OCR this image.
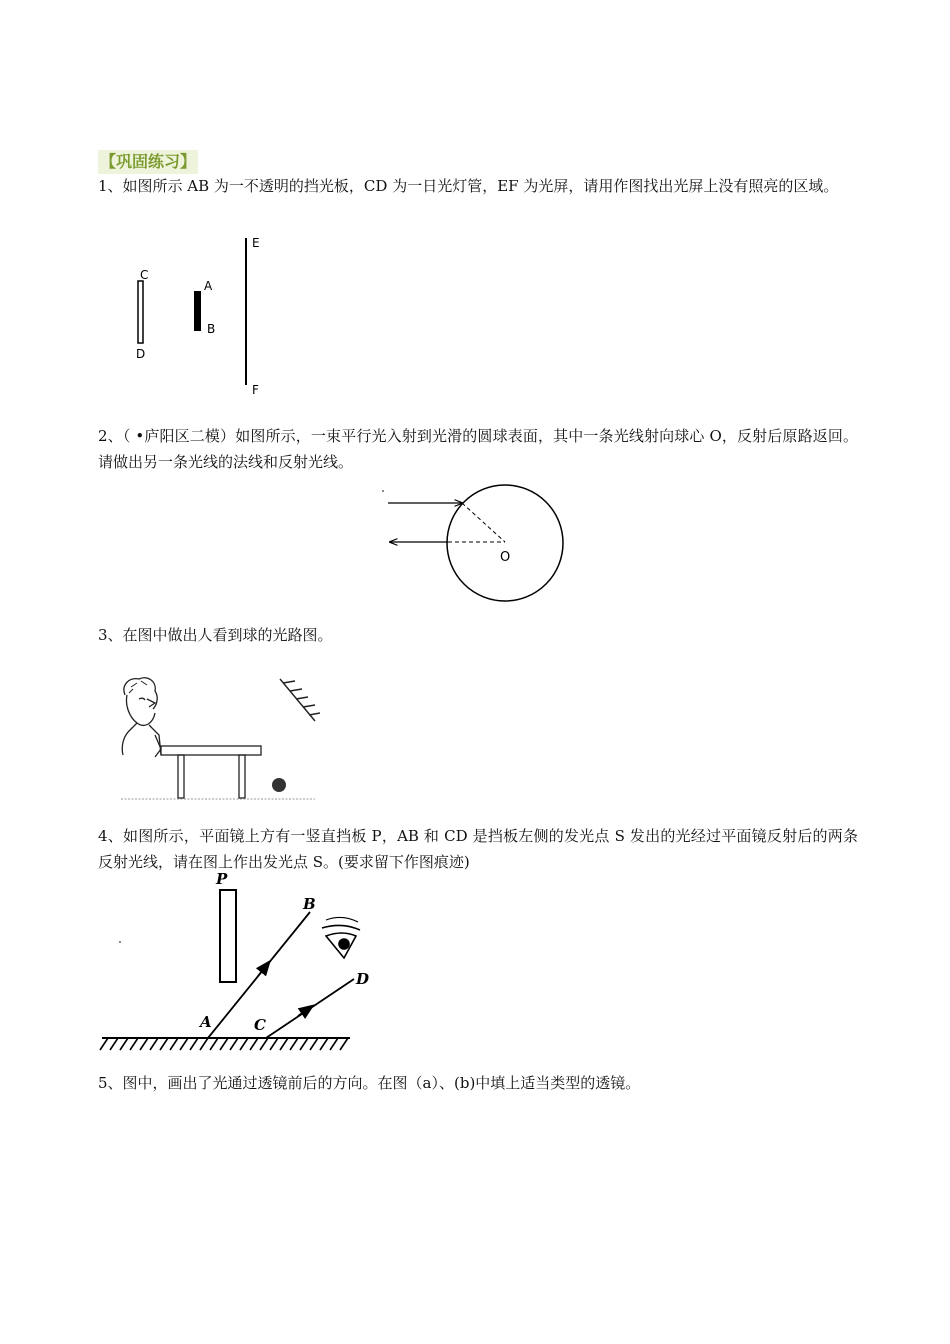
【巩固练习】

1、如图所示 AB 为一不透明的挡光板，CD 为一日光灯管，EF 为光屏，请用作图找出光屏上没有照亮的区域。

C
D
A
B
E
F

2、（ •庐阳区二模）如图所示，一束平行光入射到光滑的圆球表面，其中一条光线射向球心 O，反射后原路返回。请做出另一条光线的法线和反射光线。

O

3、在图中做出人看到球的光路图。

4、如图所示，平面镜上方有一竖直挡板 P，AB 和 CD 是挡板左侧的发光点 S 发出的光经过平面镜反射后的两条反射光线，请在图上作出发光点 S。(要求留下作图痕迹)

P
B
A
D
C

5、图中，画出了光通过透镜前后的方向。在图（a）、(b)中填上适当类型的透镜。
